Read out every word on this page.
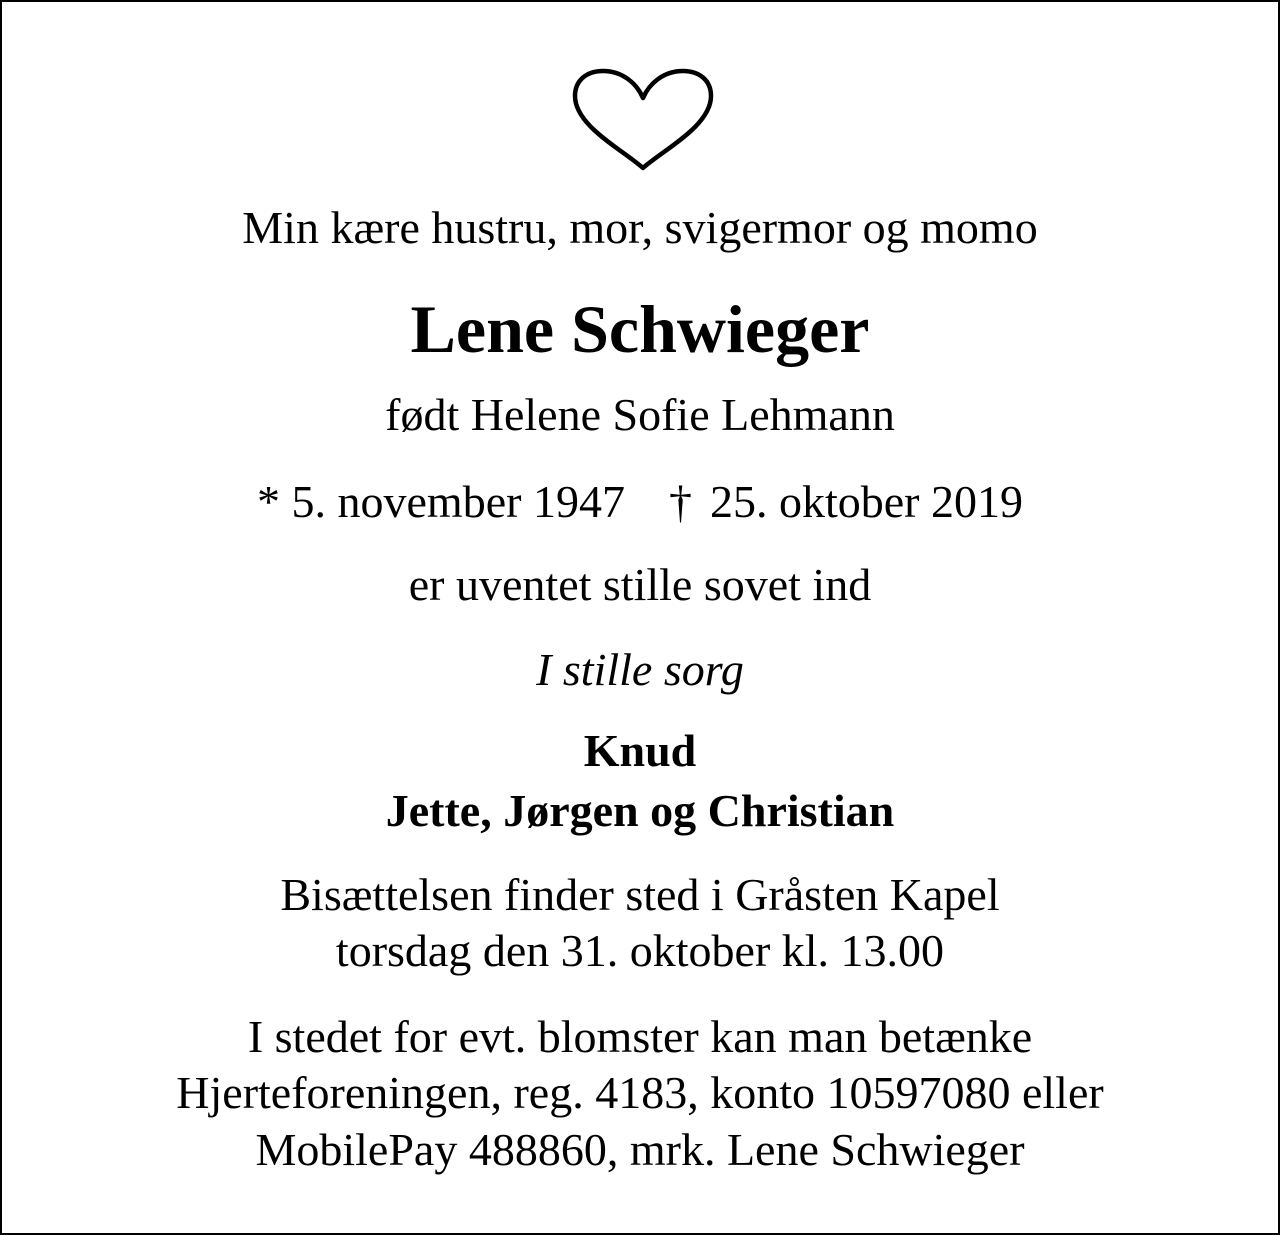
Min kære hustru, mor, svigermor og momo
Lene Schwieger
født Helene Sofie Lehmann
* 5. november 1947 † 25. oktober 2019
er uventet stille sovet ind
I stille sorg
Knud
Jette, Jørgen og Christian
Bisættelsen finder sted i Gråsten Kapel
torsdag den 31. oktober kl. 13.00
I stedet for evt. blomster kan man betænke
Hjerteforeningen, reg. 4183, konto 10597080 eller
MobilePay 488860, mrk. Lene Schwieger
